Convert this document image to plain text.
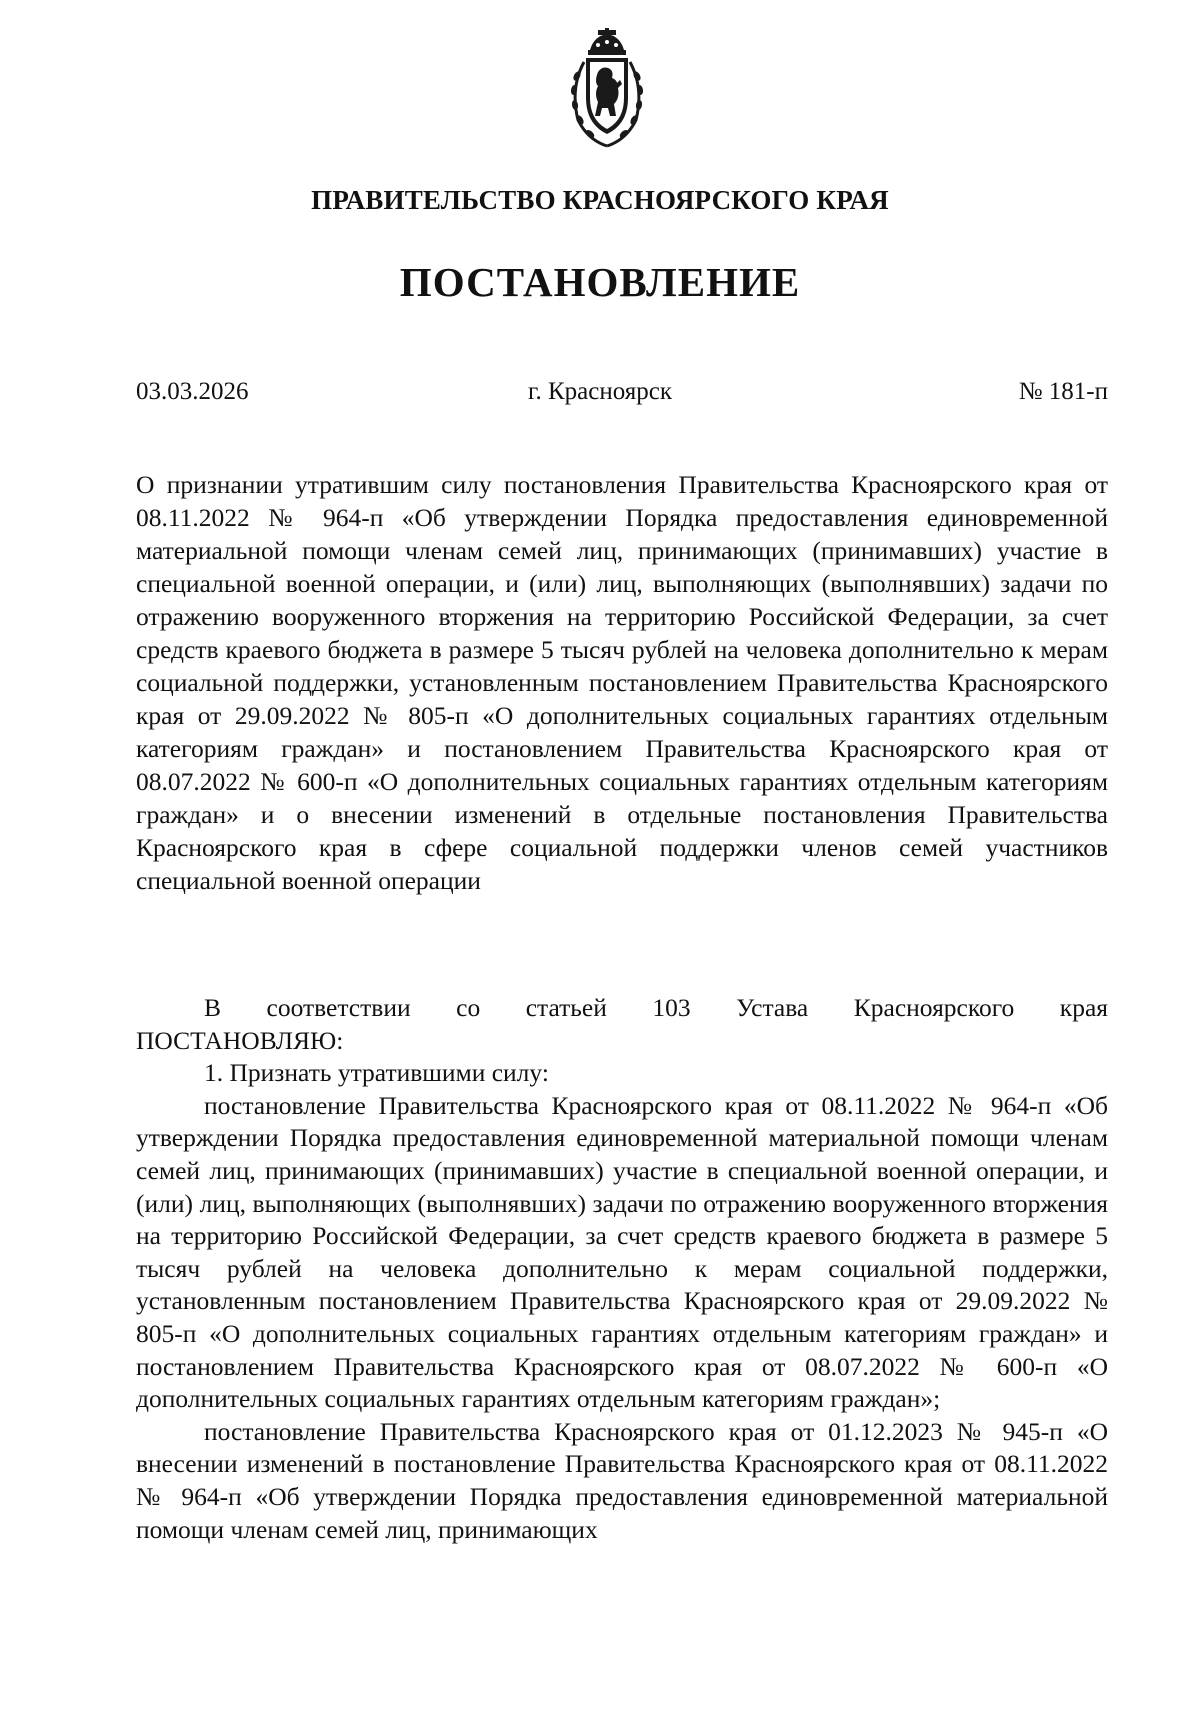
ПРАВИТЕЛЬСТВО КРАСНОЯРСКОГО КРАЯ
ПОСТАНОВЛЕНИЕ
03.03.2026	г. Красноярск	№ 181-п
О признании утратившим силу постановления Правительства Красноярского края от 08.11.2022 № 964-п «Об утверждении Порядка предоставления единовременной материальной помощи членам семей лиц, принимающих (принимавших) участие в специальной военной операции, и (или) лиц, выполняющих (выполнявших) задачи по отражению вооруженного вторжения на территорию Российской Федерации, за счет средств краевого бюджета в размере 5 тысяч рублей на человека дополнительно к мерам социальной поддержки, установленным постановлением Правительства Красноярского края от 29.09.2022 № 805-п «О дополнительных социальных гарантиях отдельным категориям граждан» и постановлением Правительства Красноярского края от 08.07.2022 № 600-п «О дополнительных социальных гарантиях отдельным категориям граждан» и о внесении изменений в отдельные постановления Правительства Красноярского края в сфере социальной поддержки членов семей участников специальной военной операции

В соответствии со статьей 103 Устава Красноярского края ПОСТАНОВЛЯЮ:

1. Признать утратившими силу:

постановление Правительства Красноярского края от 08.11.2022 № 964-п «Об утверждении Порядка предоставления единовременной материальной помощи членам семей лиц, принимающих (принимавших) участие в специальной военной операции, и (или) лиц, выполняющих (выполнявших) задачи по отражению вооруженного вторжения на территорию Российской Федерации, за счет средств краевого бюджета в размере 5 тысяч рублей на человека дополнительно к мерам социальной поддержки, установленным постановлением Правительства Красноярского края от 29.09.2022 № 805-п «О дополнительных социальных гарантиях отдельным категориям граждан» и постановлением Правительства Красноярского края от 08.07.2022 № 600-п «О дополнительных социальных гарантиях отдельным категориям граждан»;

постановление Правительства Красноярского края от 01.12.2023 № 945-п «О внесении изменений в постановление Правительства Красноярского края от 08.11.2022 № 964-п «Об утверждении Порядка предоставления единовременной материальной помощи членам семей лиц, принимающих
